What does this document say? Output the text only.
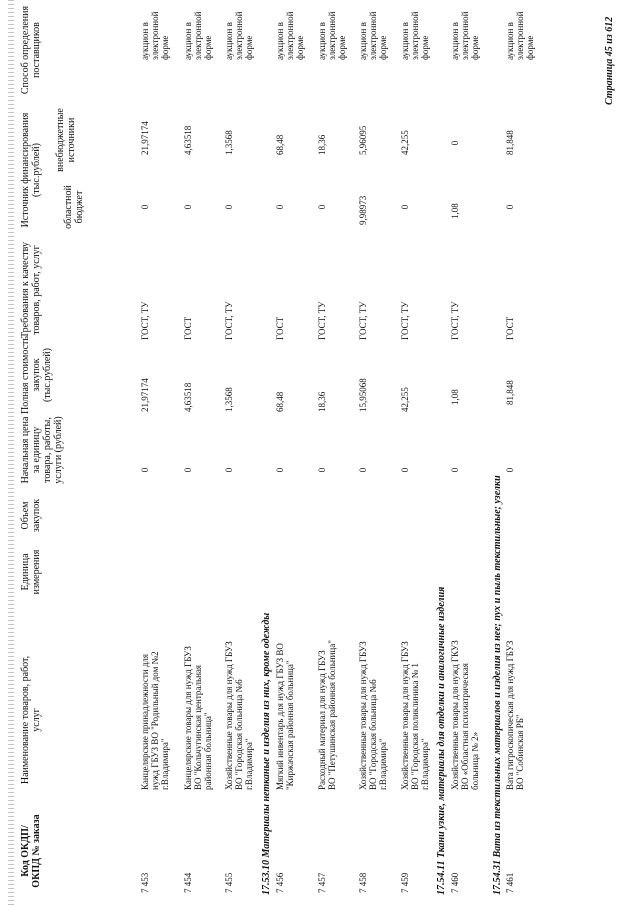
Код ОКДП/ ОКПД № заказа
Наименование товаров, работ, услуг
Единица измерения
Объем закупок
Начальная цена за единицу товара, работы, услуги (рублей)
Полная стоимость закупок (тыс.рублей)
Требования к качеству товаров, работ, услуг
Источник финансирования (тыс.рублей)
областной бюджет
внебюджетные источники
Способ определения поставщиков
7 453
Канцелярские принадлежности для нужд ГБУЗ ВО "Родильный дом №2 г.Владимира"
0
21,97174
ГОСТ, ТУ
0
21,97174
аукцион в электронной форме
7 454
Канцелярские товары для нужд ГБУЗ ВО "Кольчугинская центральная районная больница"
0
4,63518
ГОСТ
0
4,63518
аукцион в электронной форме
7 455
Хозяйственные товары для нужд ГБУЗ ВО "Городская больница №6 г.Владимира"
0
1,3568
ГОСТ, ТУ
0
1,3568
аукцион в электронной форме
17.53.10 Материалы нетканые и изделия из них, кроме одежды 7 456
Мягкий инвентарь для нужд ГБУЗ ВО "Киржачская районная больница"
0
68,48
ГОСТ
0
68,48
аукцион в электронной форме
7 457
Расходный материал для нужд ГБУЗ ВО "Петушинская районная больница"
0
18,36
ГОСТ, ТУ
0
18,36
аукцион в электронной форме
7 458
Хозяйственные товары для нужд ГБУЗ ВО "Городская больница №6 г.Владимира"
0
15,95068
ГОСТ, ТУ
9,98973
5,96095
аукцион в электронной форме
7 459
Хозяйственные товары для нужд ГБУЗ ВО "Городская поликлиника № 1 г.Владимира"
0
42,255
ГОСТ, ТУ
0
42,255
аукцион в электронной форме
17.54.11 Ткани узкие, материалы для отделки и аналогичные изделия 7 460
Хозяйственные товары для нужд ГКУЗ ВО «Областная психиатрическая больница № 2»
0
1,08
ГОСТ, ТУ
1,08
0
аукцион в электронной форме
17.54.31 Вата из текстильных материалов и изделия из нее; пух и пыль текстильные; узелки 7 461
Вата гигроскопическая для нужд ГБУЗ ВО "Собинская РБ"
0
81,848
ГОСТ
0
81,848
аукцион в электронной форме	Страница 45 из 612
